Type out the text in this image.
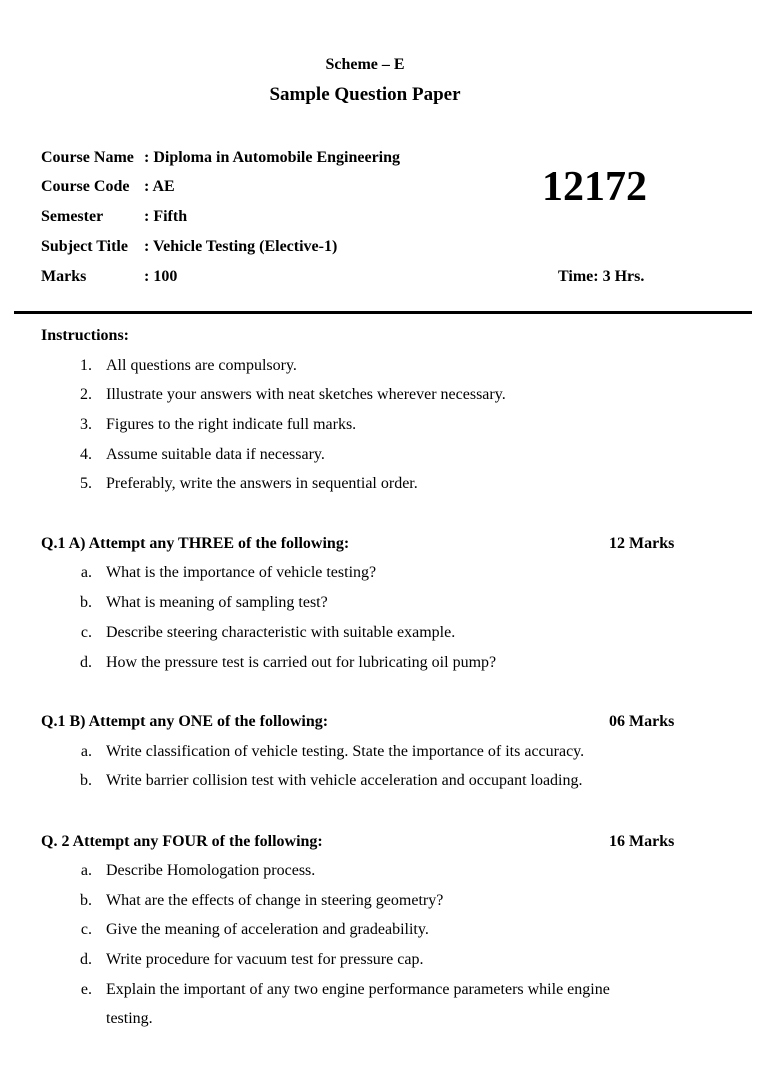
Scheme – E
Sample Question Paper
Course Name : Diploma in Automobile Engineering
Course Code : AE
Semester	: Fifth
Subject Title : Vehicle Testing (Elective-1)
Marks	: 100
12172
Time: 3 Hrs.
Instructions:
1. All questions are compulsory.
2. Illustrate your answers with neat sketches wherever necessary.
3. Figures to the right indicate full marks.
4. Assume suitable data if necessary.
5. Preferably, write the answers in sequential order.
Q.1 A) Attempt any THREE of the following:	12 Marks
a. What is the importance of vehicle testing?
b. What is meaning of sampling test?
c. Describe steering characteristic with suitable example.
d. How the pressure test is carried out for lubricating oil pump?
Q.1 B) Attempt any ONE of the following:	06 Marks
a. Write classification of vehicle testing. State the importance of its accuracy.
b. Write barrier collision test with vehicle acceleration and occupant loading.
Q. 2 Attempt any FOUR of the following:	16 Marks
a. Describe Homologation process.
b. What are the effects of change in steering geometry?
c. Give the meaning of acceleration and gradeability.
d. Write procedure for vacuum test for pressure cap.
e. Explain the important of any two engine performance parameters while engine
testing.
